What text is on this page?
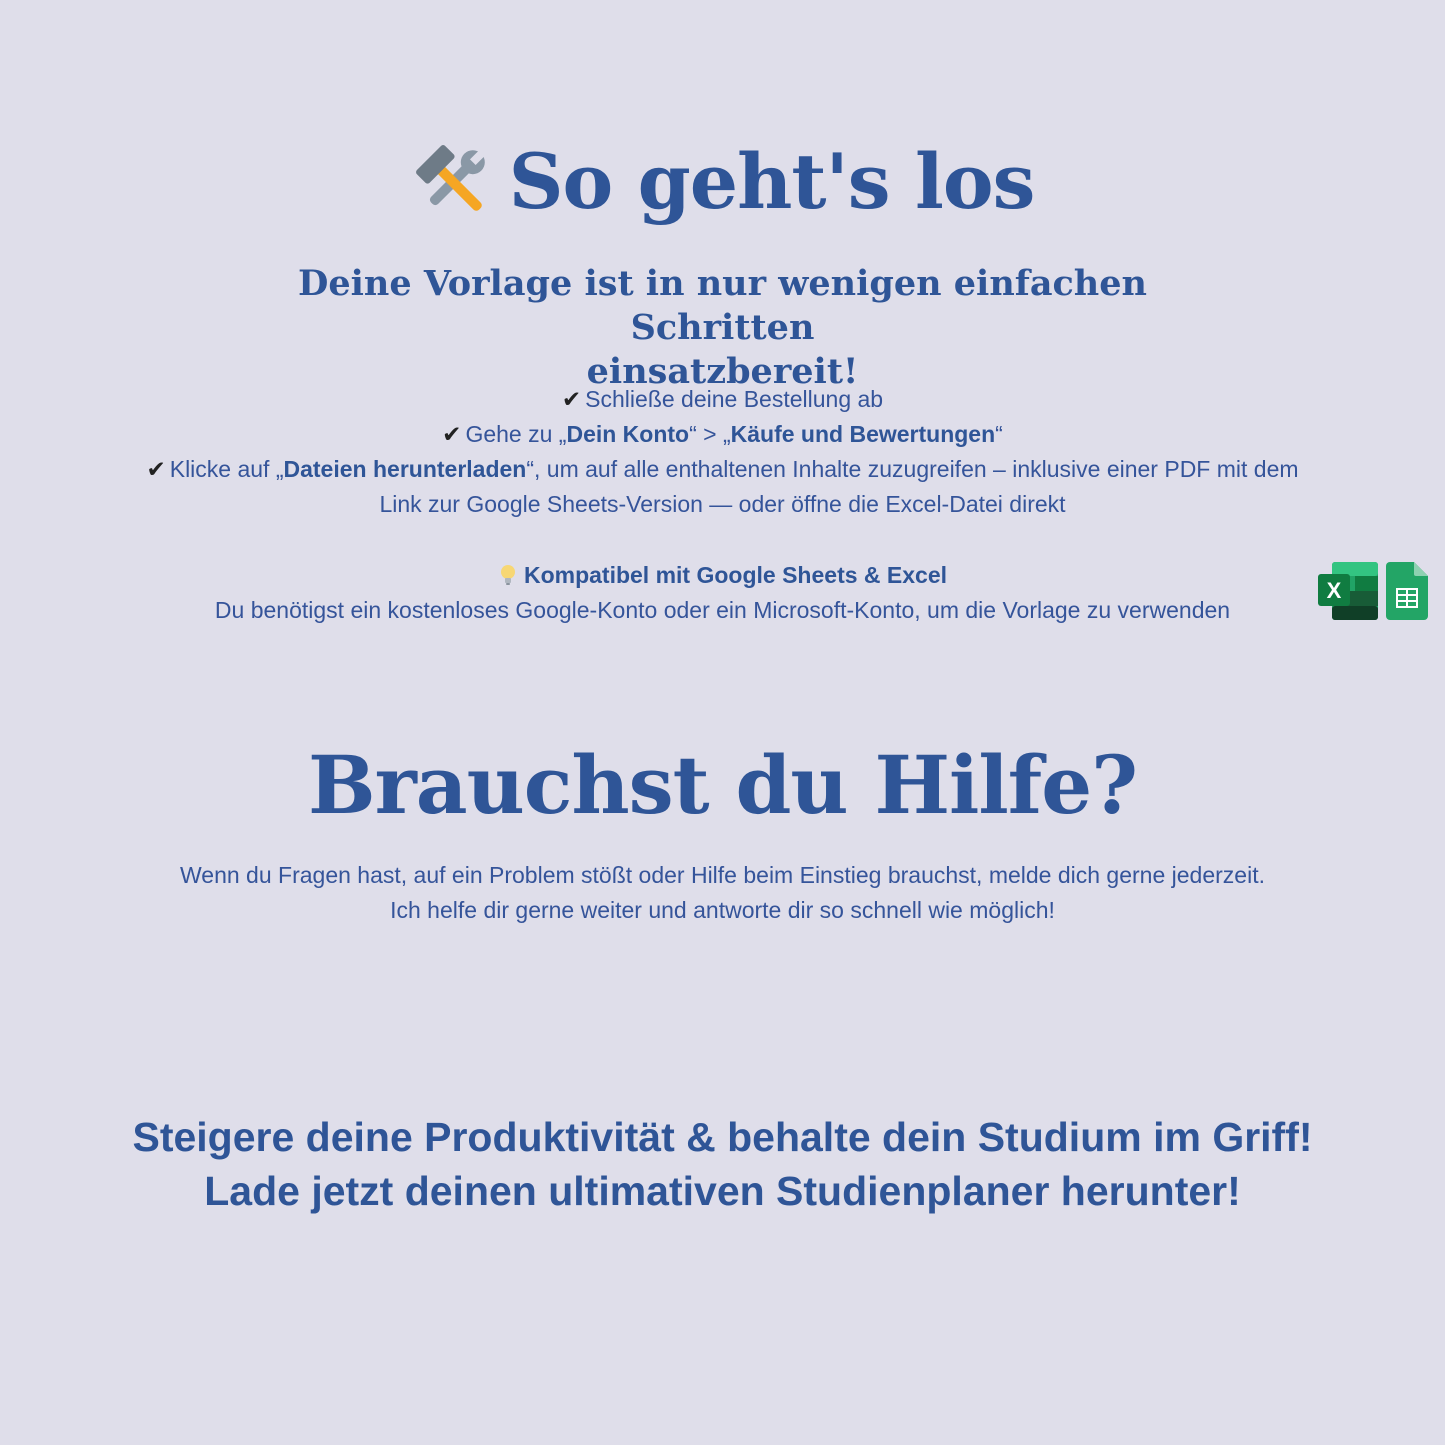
So geht's los
Deine Vorlage ist in nur wenigen einfachen Schritten
einsatzbereit!
✔ Schließe deine Bestellung ab
✔ Gehe zu „Dein Konto“ > „Käufe und Bewertungen“
✔ Klicke auf „Dateien herunterladen“, um auf alle enthaltenen Inhalte zuzugreifen – inklusive einer PDF mit dem
Link zur Google Sheets-Version — oder öffne die Excel-Datei direkt
Kompatibel mit Google Sheets & Excel
Du benötigst ein kostenloses Google-Konto oder ein Microsoft-Konto, um die Vorlage zu verwenden
X
Brauchst du Hilfe?
Wenn du Fragen hast, auf ein Problem stößt oder Hilfe beim Einstieg brauchst, melde dich gerne jederzeit.
Ich helfe dir gerne weiter und antworte dir so schnell wie möglich!
Steigere deine Produktivität & behalte dein Studium im Griff!
Lade jetzt deinen ultimativen Studienplaner herunter!
